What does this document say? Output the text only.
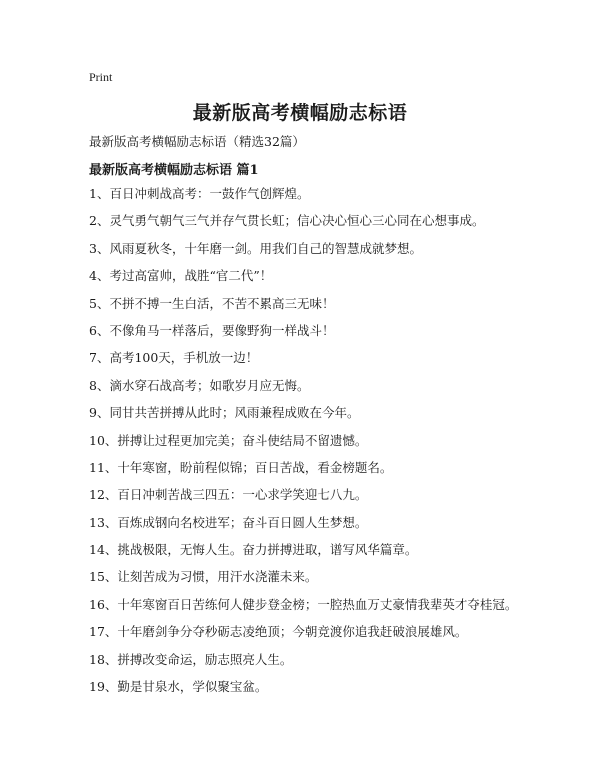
Print
最新版高考横幅励志标语
最新版高考横幅励志标语（精选32篇）
最新版高考横幅励志标语 篇1
1、百日冲刺战高考：一鼓作气创辉煌。
2、灵气勇气朝气三气并存气贯长虹；信心决心恒心三心同在心想事成。
3、风雨夏秋冬，十年磨一剑。用我们自己的智慧成就梦想。
4、考过高富帅，战胜“官二代”！
5、不拼不搏一生白活，不苦不累高三无味！
6、不像角马一样落后，要像野狗一样战斗！
7、高考100天，手机放一边！
8、滴水穿石战高考；如歌岁月应无悔。
9、同甘共苦拼搏从此时；风雨兼程成败在今年。
10、拼搏让过程更加完美；奋斗使结局不留遗憾。
11、十年寒窗，盼前程似锦；百日苦战，看金榜题名。
12、百日冲刺苦战三四五：一心求学笑迎七八九。
13、百炼成钢向名校进军；奋斗百日圆人生梦想。
14、挑战极限，无悔人生。奋力拼搏进取，谱写风华篇章。
15、让刻苦成为习惯，用汗水浇灌未来。
16、十年寒窗百日苦练何人健步登金榜；一腔热血万丈豪情我辈英才夺桂冠。
17、十年磨剑争分夺秒砺志凌绝顶；今朝竞渡你追我赶破浪展雄风。
18、拼搏改变命运，励志照亮人生。
19、勤是甘泉水，学似聚宝盆。
